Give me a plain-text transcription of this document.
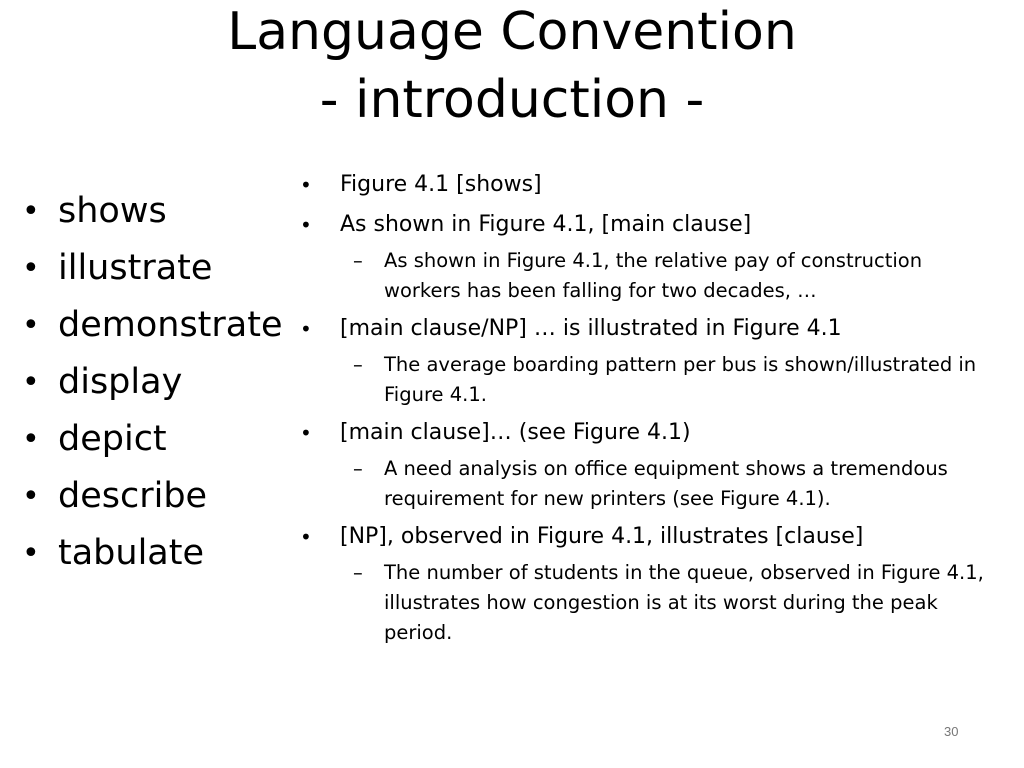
Language Convention
- introduction -
• shows
• illustrate
• demonstrate
• display
• depict
• describe
• tabulate
• Figure 4.1 [shows]
• As shown in Figure 4.1, [main clause]
– As shown in Figure 4.1, the relative pay of construction workers has been falling for two decades, …
• [main clause/NP] … is illustrated in Figure 4.1
– The average boarding pattern per bus is shown/illustrated in Figure 4.1.
• [main clause]… (see Figure 4.1)
– A need analysis on office equipment shows a tremendous requirement for new printers (see Figure 4.1).
• [NP], observed in Figure 4.1, illustrates [clause]
– The number of students in the queue, observed in Figure 4.1, illustrates how congestion is at its worst during the peak period.
30
